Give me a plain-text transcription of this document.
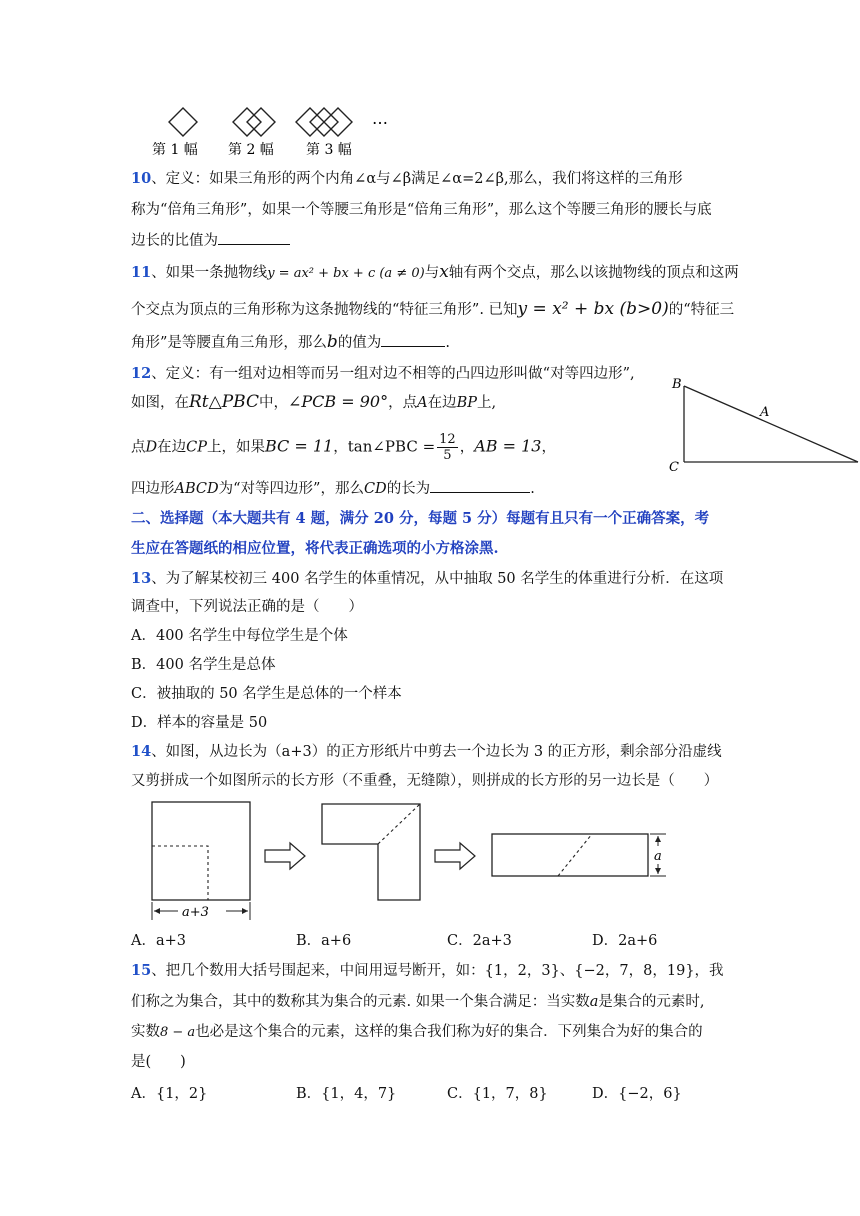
…
第 1 幅 第 2 幅 第 3 幅
10、定义：如果三角形的两个内角∠α与∠β满足∠α=2∠β,那么，我们将这样的三角形
称为“倍角三角形”，如果一个等腰三角形是“倍角三角形”，那么这个等腰三角形的腰长与底
边长的比值为
11、如果一条抛物线y = ax² + bx + c (a ≠ 0)与x轴有两个交点，那么以该抛物线的顶点和这两
个交点为顶点的三角形称为这条抛物线的“特征三角形”. 已知y = x² + bx (b>0)的“特征三
角形”是等腰直角三角形，那么b的值为	.
12、定义：有一组对边相等而另一组对边不相等的凸四边形叫做“对等四边形”,
如图，在Rt△PBC中，∠PCB = 90°，点A在边BP上,
点D在边CP上，如果BC = 11，tan∠PBC = $\frac{12}{5}$ ，AB = 13，
四边形ABCD为“对等四边形”，那么CD的长为	.
B
A
C
二、选择题（本大题共有 4 题，满分 20 分，每题 5 分）每题有且只有一个正确答案，考
生应在答题纸的相应位置，将代表正确选项的小方格涂黑.
13、为了解某校初三 400 名学生的体重情况，从中抽取 50 名学生的体重进行分析．在这项
调查中，下列说法正确的是（　　）
A．400 名学生中每位学生是个体
B．400 名学生是总体
C．被抽取的 50 名学生是总体的一个样本
D．样本的容量是 50
14、如图，从边长为（a+3）的正方形纸片中剪去一个边长为 3 的正方形，剩余部分沿虚线
又剪拼成一个如图所示的长方形（不重叠，无缝隙），则拼成的长方形的另一边长是（　　）
a+3
a
A．a+3	B．a+6	C．2a+3	D．2a+6
15、把几个数用大括号围起来，中间用逗号断开，如：{1，2，3}、{−2，7，8，19}，我
们称之为集合，其中的数称其为集合的元素. 如果一个集合满足：当实数a是集合的元素时,
实数8 − a也必是这个集合的元素，这样的集合我们称为好的集合．下列集合为好的集合的
是(　　)
A．{1，2}	B．{1，4，7}	C．{1，7，8}	D．{−2，6}
